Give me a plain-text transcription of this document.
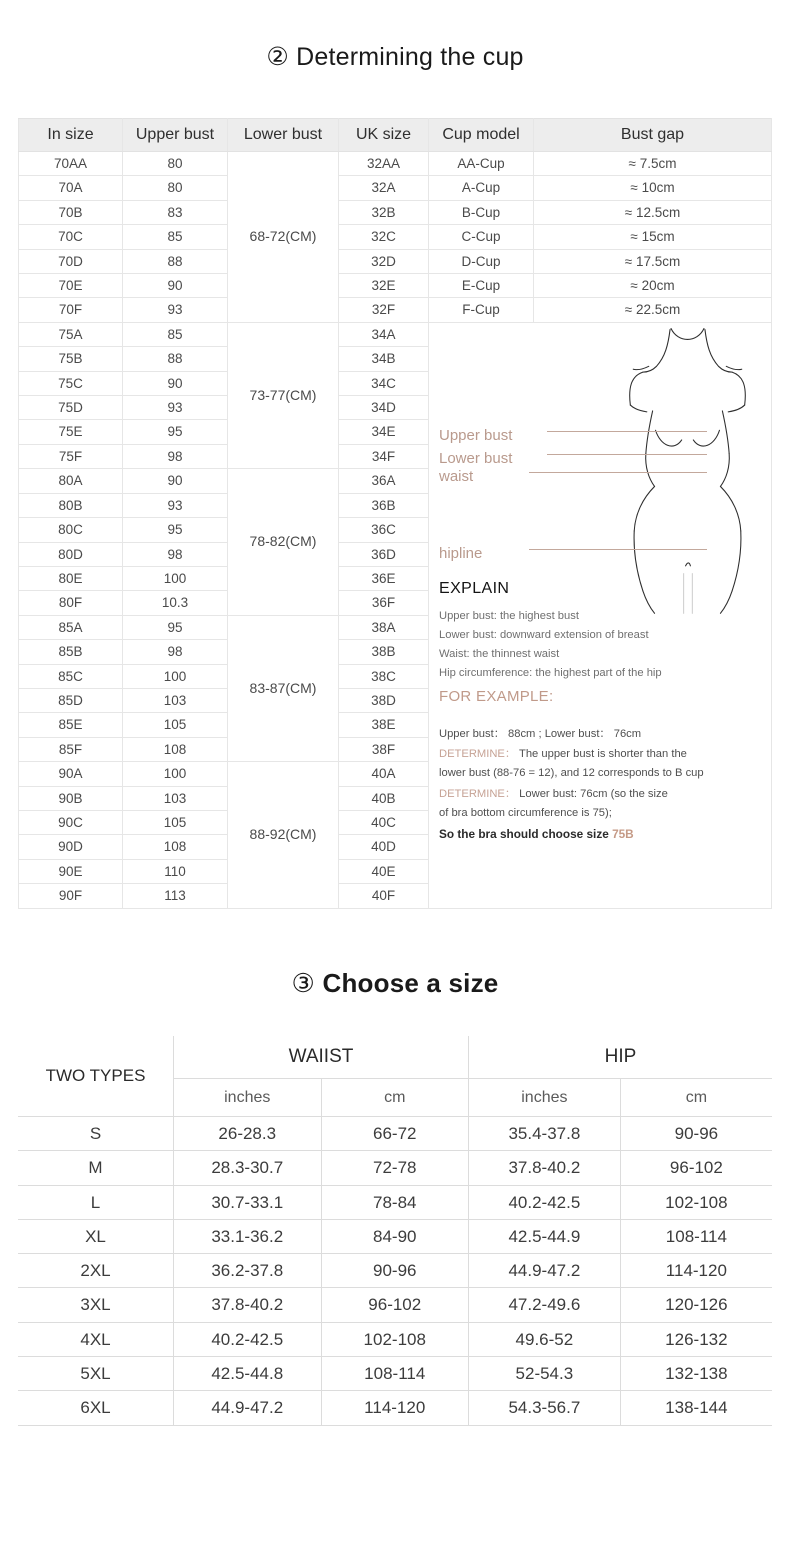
② Determining the cup
In size	Upper bust	Lower bust	UK size	Cup model	Bust gap
70AA	80	68-72(CM)	32AA	AA-Cup	≈ 7.5cm
70A	80		32A	A-Cup	≈ 10cm
70B	83		32B	B-Cup	≈ 12.5cm
70C	85		32C	C-Cup	≈ 15cm
70D	88		32D	D-Cup	≈ 17.5cm
70E	90		32E	E-Cup	≈ 20cm
70F	93		32F	F-Cup	≈ 22.5cm
75A	85	73-77(CM)	34A	
Upper bust
Lower bust
waist
hipline
EXPLAIN
Upper bust: the highest bust
Lower bust: downward extension of breast
Waist: the thinnest waist
Hip circumference: the highest part of the hip
FOR EXAMPLE:
Upper bust： 88cm ; Lower bust： 76cm
DETERMINE： The upper bust is shorter than the
lower bust (88-76 = 12), and 12 corresponds to B cup
DETERMINE： Lower bust: 76cm (so the size
of bra bottom circumference is 75);
So the bra should choose size 75B

75B	88		34B		
75C	90		34C		
75D	93		34D		
75E	95		34E		
75F	98		34F		
80A	90	78-82(CM)	36A		
80B	93		36B		
80C	95		36C		
80D	98		36D		
80E	100		36E		
80F	10.3		36F		
85A	95	83-87(CM)	38A		
85B	98		38B		
85C	100		38C		
85D	103		38D		
85E	105		38E		
85F	108		38F		
90A	100	88-92(CM)	40A		
90B	103		40B		
90C	105		40C		
90D	108		40D		
90E	110		40E		
90F	113		40F		
③ Choose a size
TWO TYPES	WAIIST		HIP	
	inches	cm	inches	cm
S	26-28.3	66-72	35.4-37.8	90-96
M	28.3-30.7	72-78	37.8-40.2	96-102
L	30.7-33.1	78-84	40.2-42.5	102-108
XL	33.1-36.2	84-90	42.5-44.9	108-114
2XL	36.2-37.8	90-96	44.9-47.2	114-120
3XL	37.8-40.2	96-102	47.2-49.6	120-126
4XL	40.2-42.5	102-108	49.6-52	126-132
5XL	42.5-44.8	108-114	52-54.3	132-138
6XL	44.9-47.2	114-120	54.3-56.7	138-144
